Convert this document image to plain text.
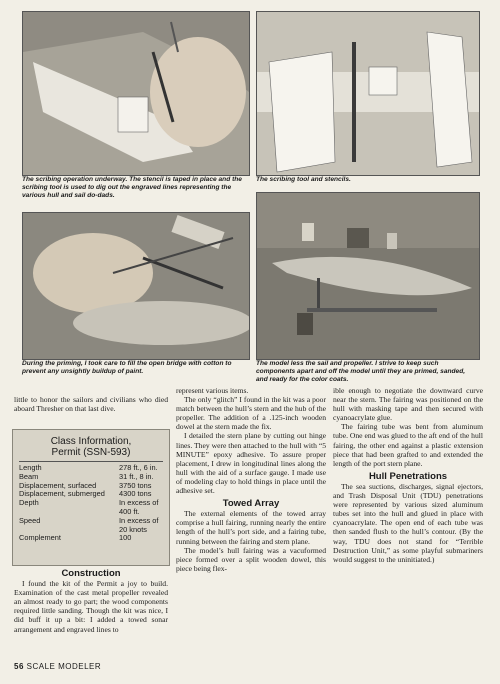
The scribing operation underway. The stencil is taped in place and the scribing tool is used to dig out the engraved lines representing the various hull and sail do-dads.

The scribing tool and stencils.

During the priming, I took care to fill the open bridge with cotton to prevent any unsightly buildup of paint.

The model less the sail and propeller. I strive to keep such components apart and off the model until they are primed, sanded, and ready for the color coats.

little to honor the sailors and civilians who died aboard Thresher on that last dive.

Class Information,
Permit (SSN-593)
Length	278 ft., 6 in.
Beam	31 ft., 8 in.
Displacement, surfaced	3750 tons
Displacement, submerged	4300 tons
Depth	In excess of 400 ft.
Speed	In excess of 20 knots
Complement	100
Construction

I found the kit of the Permit a joy to build. Examination of the cast metal propeller revealed an almost ready to go part; the wood components required little sanding. Though the kit was nice, I did buff it up a bit: I added a towed sonar arrangement and engraved lines to

represent various items.

The only “glitch” I found in the kit was a poor match between the hull’s stern and the hub of the propeller. The addition of a .125-inch wooden dowel at the stern made the fix.

I detailed the stern plane by cutting out hinge lines. They were then attached to the hull with “5 MINUTE” epoxy adhesive. To assure proper placement, I drew in longitudinal lines along the hull with the aid of a surface gauge. I made use of modeling clay to hold things in place until the adhesive set.

Towed Array

The external elements of the towed array comprise a hull fairing, running nearly the entire length of the hull’s port side, and a fairing tube, running between the fairing and stern plane.

The model’s hull fairing was a vacuformed piece formed over a split wooden dowel, this piece being flex-

ible enough to negotiate the downward curve near the stern. The fairing was positioned on the hull with masking tape and then secured with cyanoacrylate glue.

The fairing tube was bent from aluminum tube. One end was glued to the aft end of the hull fairing, the other end against a plastic extension piece that had been grafted to and extended the length of the port stern plane.

Hull Penetrations

The sea suctions, discharges, signal ejectors, and Trash Disposal Unit (TDU) penetrations were represented by various sized aluminum tubes set into the hull and glued in place with cyanoacrylate. The open end of each tube was then sanded flush to the hull’s contour. (By the way, TDU does not stand for “Terrible Destruction Unit,” as some playful submariners would suggest to the uninitiated.)

56 SCALE MODELER
